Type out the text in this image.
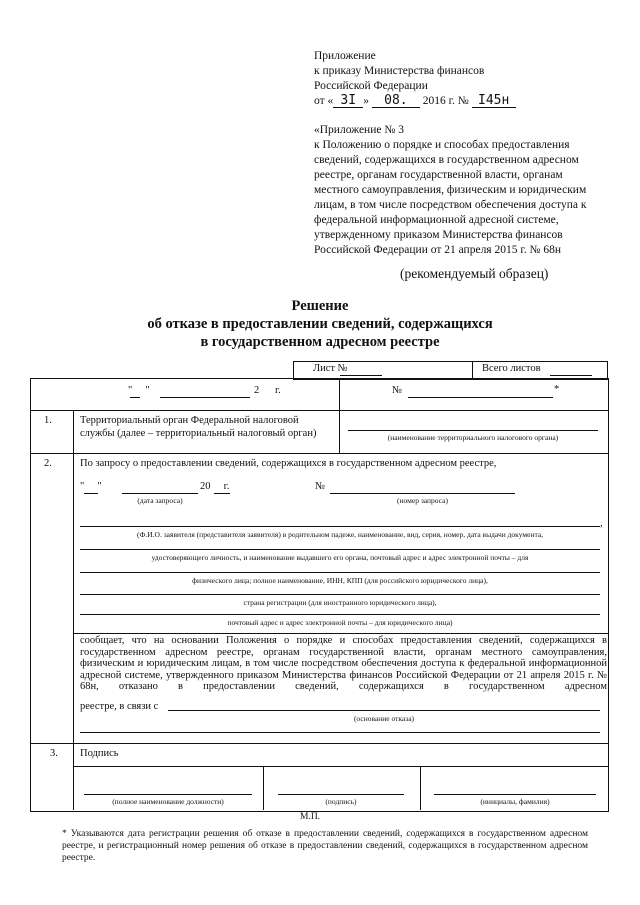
Приложение
к приказу Министерства финансов
Российской Федерации
от « 3I » 08. 2016 г. № I45н
«Приложение № 3
к Положению о порядке и способах предоставления
сведений, содержащихся в государственном адресном
реестре, органам государственной власти, органам
местного самоуправления, физическим и юридическим
лицам, в том числе посредством обеспечения доступа к
федеральной информационной адресной системе,
утвержденному приказом Министерства финансов
Российской Федерации от 21 апреля 2015 г. № 68н
(рекомендуемый образец)
Решение
об отказе в предоставлении сведений, содержащихся
в государственном адресном реестре
Лист №	Всего листов
"     "	2      г.	№	*
1.	Территориальный орган Федеральной налоговой
службы (далее – территориальный налоговый орган)	(наименование территориального налогового органа)
2.	По запросу о предоставлении сведений, содержащихся в государственном адресном реестре,
"     "	20     г.
(дата запроса)
№
(номер запроса)
,
(Ф.И.О. заявителя (представителя заявителя) в родительном падеже, наименование, вид, серия, номер, дата выдачи документа,
удостоверяющего личность, и наименование выдавшего его органа, почтовый адрес и адрес электронной почты – для
физического лица; полное наименование, ИНН, КПП (для российского юридического лица),
страна регистрации (для иностранного юридического лица),
почтовый адрес и адрес электронной почты – для юридического лица)
сообщает, что на основании Положения о порядке и способах предоставления сведений, содержащихся в государственном адресном реестре, органам государственной власти, органам местного самоуправления, физическим и юридическим лицам, в том числе посредством обеспечения доступа к федеральной информационной адресной системе, утвержденного приказом Министерства финансов Российской Федерации от 21 апреля 2015 г. № 68н, отказано в предоставлении сведений, содержащихся в государственном адресном
реестре, в связи с
(основание отказа)
3. Подпись
(полное наименование должности)	(подпись)	(инициалы, фамилия)
М.П.
* Указываются дата регистрации решения об отказе в предоставлении сведений, содержащихся в государственном адресном реестре, и регистрационный номер решения об отказе в предоставлении сведений, содержащихся в государственном адресном реестре.
